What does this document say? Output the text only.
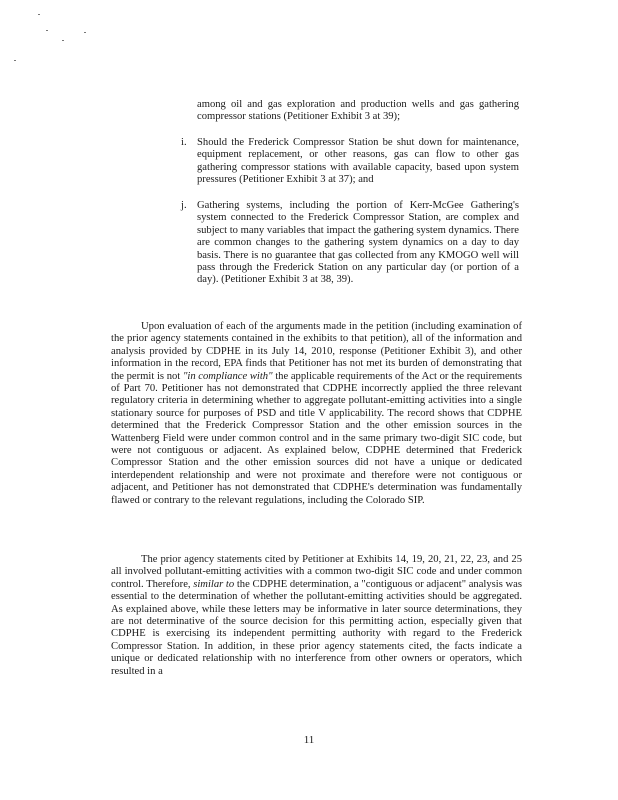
among oil and gas exploration and production wells and gas gathering compressor stations (Petitioner Exhibit 3 at 39);
i. Should the Frederick Compressor Station be shut down for maintenance, equipment replacement, or other reasons, gas can flow to other gas gathering compressor stations with available capacity, based upon system pressures (Petitioner Exhibit 3 at 37); and
j. Gathering systems, including the portion of Kerr-McGee Gathering's system connected to the Frederick Compressor Station, are complex and subject to many variables that impact the gathering system dynamics. There are common changes to the gathering system dynamics on a day to day basis. There is no guarantee that gas collected from any KMOGO well will pass through the Frederick Station on any particular day (or portion of a day). (Petitioner Exhibit 3 at 38, 39).
Upon evaluation of each of the arguments made in the petition (including examination of the prior agency statements contained in the exhibits to that petition), all of the information and analysis provided by CDPHE in its July 14, 2010, response (Petitioner Exhibit 3), and other information in the record, EPA finds that Petitioner has not met its burden of demonstrating that the permit is not "in compliance with" the applicable requirements of the Act or the requirements of Part 70. Petitioner has not demonstrated that CDPHE incorrectly applied the three relevant regulatory criteria in determining whether to aggregate pollutant-emitting activities into a single stationary source for purposes of PSD and title V applicability. The record shows that CDPHE determined that the Frederick Compressor Station and the other emission sources in the Wattenberg Field were under common control and in the same primary two-digit SIC code, but were not contiguous or adjacent. As explained below, CDPHE determined that Frederick Compressor Station and the other emission sources did not have a unique or dedicated interdependent relationship and were not proximate and therefore were not contiguous or adjacent, and Petitioner has not demonstrated that CDPHE's determination was fundamentally flawed or contrary to the relevant regulations, including the Colorado SIP.
The prior agency statements cited by Petitioner at Exhibits 14, 19, 20, 21, 22, 23, and 25 all involved pollutant-emitting activities with a common two-digit SIC code and under common control. Therefore, similar to the CDPHE determination, a "contiguous or adjacent" analysis was essential to the determination of whether the pollutant-emitting activities should be aggregated. As explained above, while these letters may be informative in later source determinations, they are not determinative of the source decision for this permitting action, especially given that CDPHE is exercising its independent permitting authority with regard to the Frederick Compressor Station. In addition, in these prior agency statements cited, the facts indicate a unique or dedicated relationship with no interference from other owners or operators, which resulted in a
11
